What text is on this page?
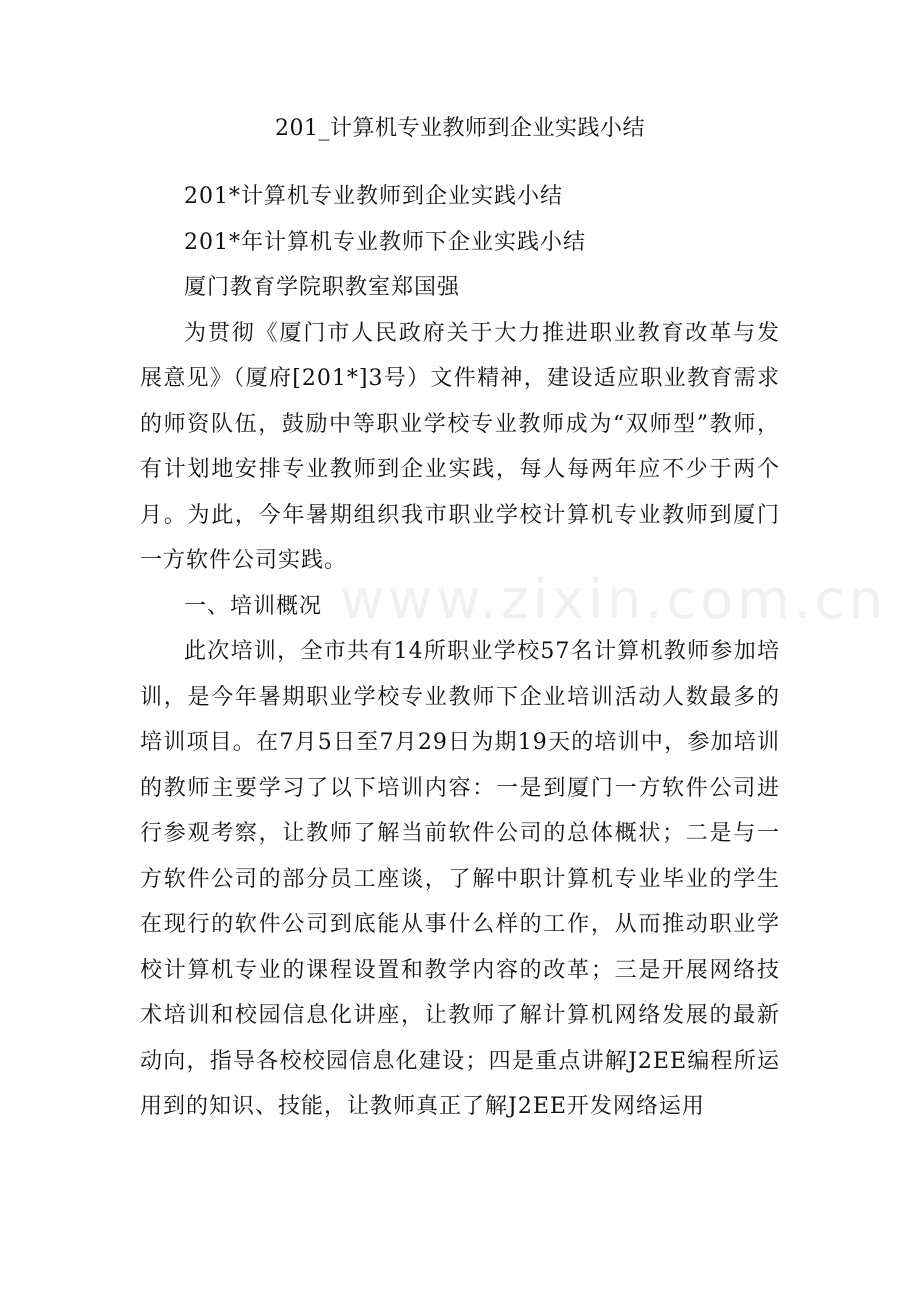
201_计算机专业教师到企业实践小结

201*计算机专业教师到企业实践小结

201*年计算机专业教师下企业实践小结

厦门教育学院职教室郑国强

为贯彻《厦门市人民政府关于大力推进职业教育改革与发展意见》（厦府[201*]3号）文件精神，建设适应职业教育需求的师资队伍，鼓励中等职业学校专业教师成为“双师型”教师，有计划地安排专业教师到企业实践，每人每两年应不少于两个月。为此，今年暑期组织我市职业学校计算机专业教师到厦门一方软件公司实践。

一、培训概况

此次培训，全市共有14所职业学校57名计算机教师参加培训，是今年暑期职业学校专业教师下企业培训活动人数最多的培训项目。在7月5日至7月29日为期19天的培训中，参加培训的教师主要学习了以下培训内容：一是到厦门一方软件公司进行参观考察，让教师了解当前软件公司的总体概状；二是与一方软件公司的部分员工座谈，了解中职计算机专业毕业的学生在现行的软件公司到底能从事什么样的工作，从而推动职业学校计算机专业的课程设置和教学内容的改革；三是开展网络技术培训和校园信息化讲座，让教师了解计算机网络发展的最新动向，指导各校校园信息化建设；四是重点讲解J2EE编程所运用到的知识、技能，让教师真正了解J2EE开发网络运用

www.zixin.com.cn
